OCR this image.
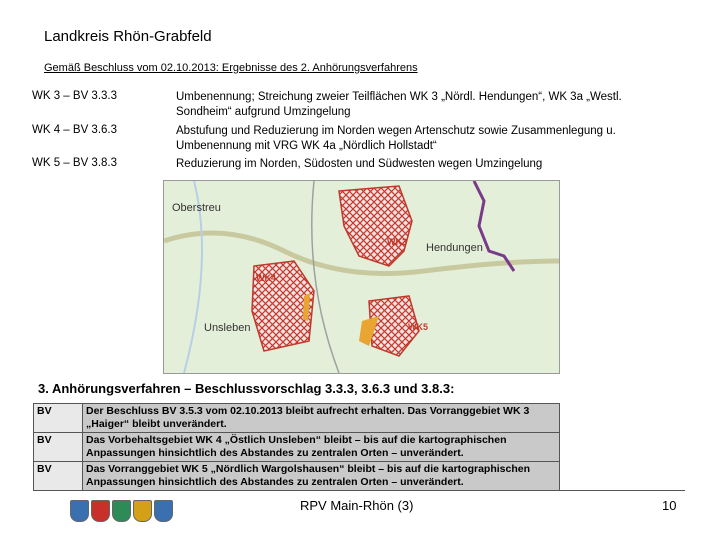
Landkreis Rhön-Grabfeld
Gemäß Beschluss vom 02.10.2013: Ergebnisse des 2. Anhörungsverfahrens
WK 3 – BV 3.3.3	Umbenennung; Streichung zweier Teilflächen WK 3 „Nördl. Hendungen“, WK 3a „Westl. Sondheim“ aufgrund Umzingelung
WK 4 – BV 3.6.3	Abstufung und Reduzierung im Norden wegen Artenschutz sowie Zusammenlegung u. Umbenennung mit VRG WK 4a „Nördlich Hollstadt“
WK 5 – BV 3.8.3	Reduzierung im Norden, Südosten und Südwesten wegen Umzingelung
Oberstreu
Hendungen
Unsleben
WK3
WK4
WK5
3. Anhörungsverfahren – Beschlussvorschlag 3.3.3, 3.6.3 und 3.8.3:
BV	Der Beschluss BV 3.5.3 vom 02.10.2013 bleibt aufrecht erhalten. Das Vorranggebiet WK 3 „Haiger“ bleibt unverändert.
BV	Das Vorbehaltsgebiet WK 4 „Östlich Unsleben“ bleibt – bis auf die kartographischen Anpassungen hinsichtlich des Abstandes zu zentralen Orten – unverändert.
BV	Das Vorranggebiet WK 5 „Nördlich Wargolshausen“ bleibt – bis auf die kartographischen Anpassungen hinsichtlich des Abstandes zu zentralen Orten – unverändert.
RPV Main-Rhön (3)	10
